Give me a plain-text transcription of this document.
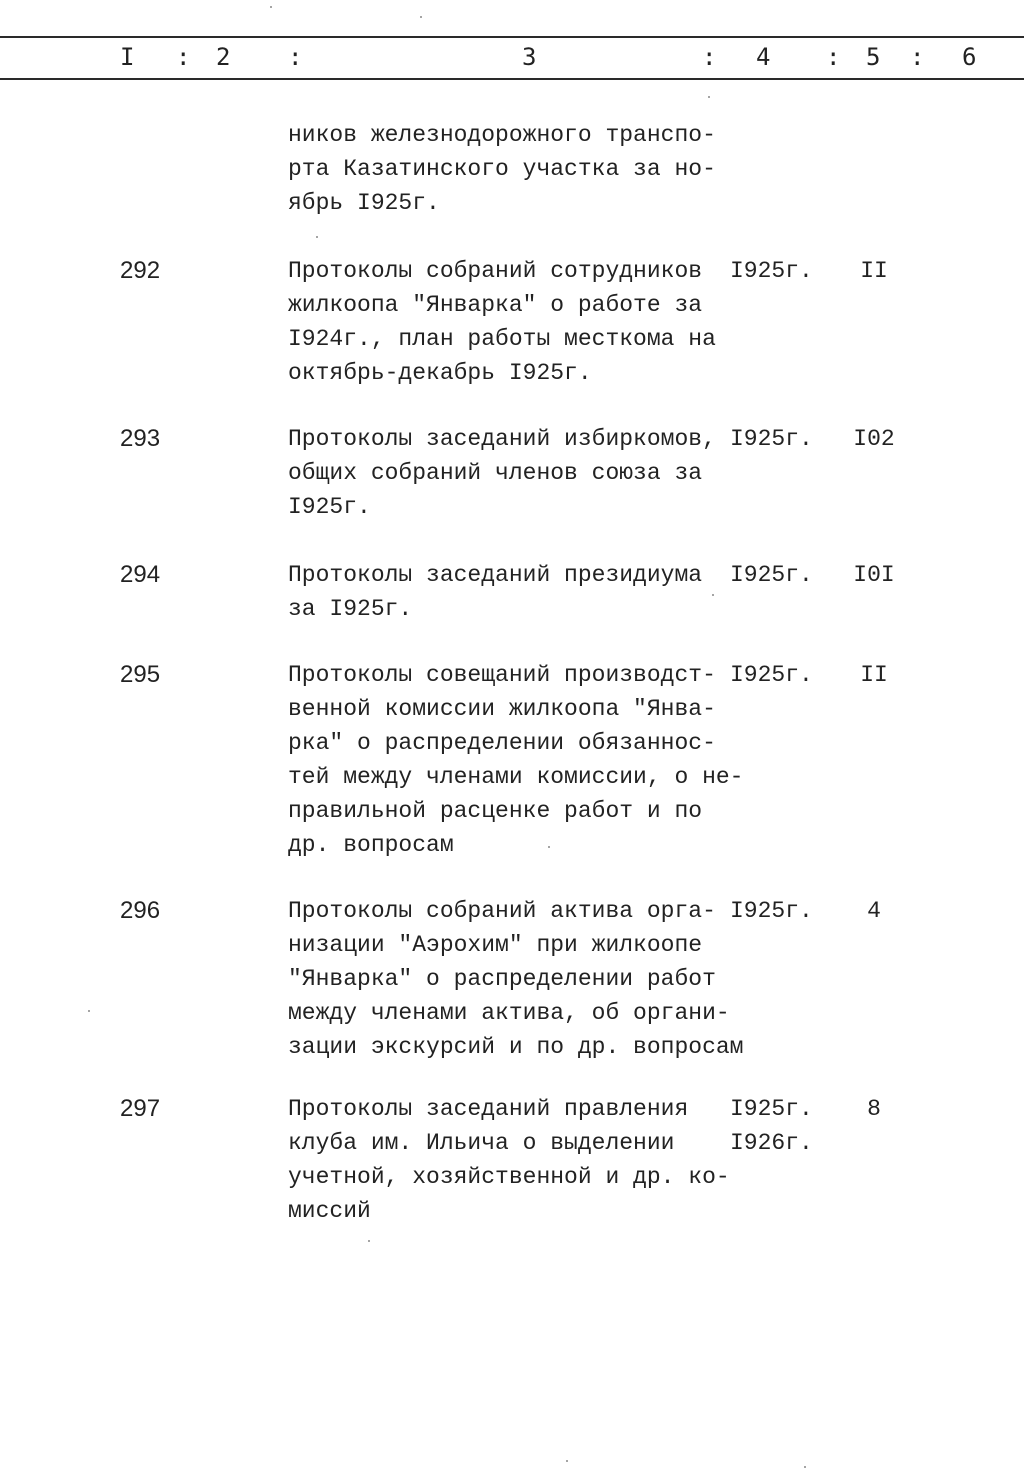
I : 2 :	3	: 4 : 5 : 6
ников железнодорожного транспо-
рта Казатинского участка за но-
ябрь I925г.
292	Протоколы собраний сотрудников
жилкоопа "Январка" о работе за
I924г., план работы месткома на
октябрь-декабрь I925г.
I925г.	II
293	Протоколы заседаний избиркомов,
общих собраний членов союза за
I925г.
I925г.	I02
294	Протоколы заседаний президиума
за I925г.
I925г.	I0I
295	Протоколы совещаний производст-
венной комиссии жилкоопа "Янва-
рка" о распределении обязаннос-
тей между членами комиссии, о не-
правильной расценке работ и по
др. вопросам
I925г.	II
296	Протоколы собраний актива орга-
низации "Аэрохим" при жилкоопе
"Январка" о распределении работ
между членами актива, об органи-
зации экскурсий и по др. вопросам
I925г.	4
297	Протоколы заседаний правления
клуба им. Ильича о выделении
учетной, хозяйственной и др. ко-
миссий
I925г.
I926г.
8
